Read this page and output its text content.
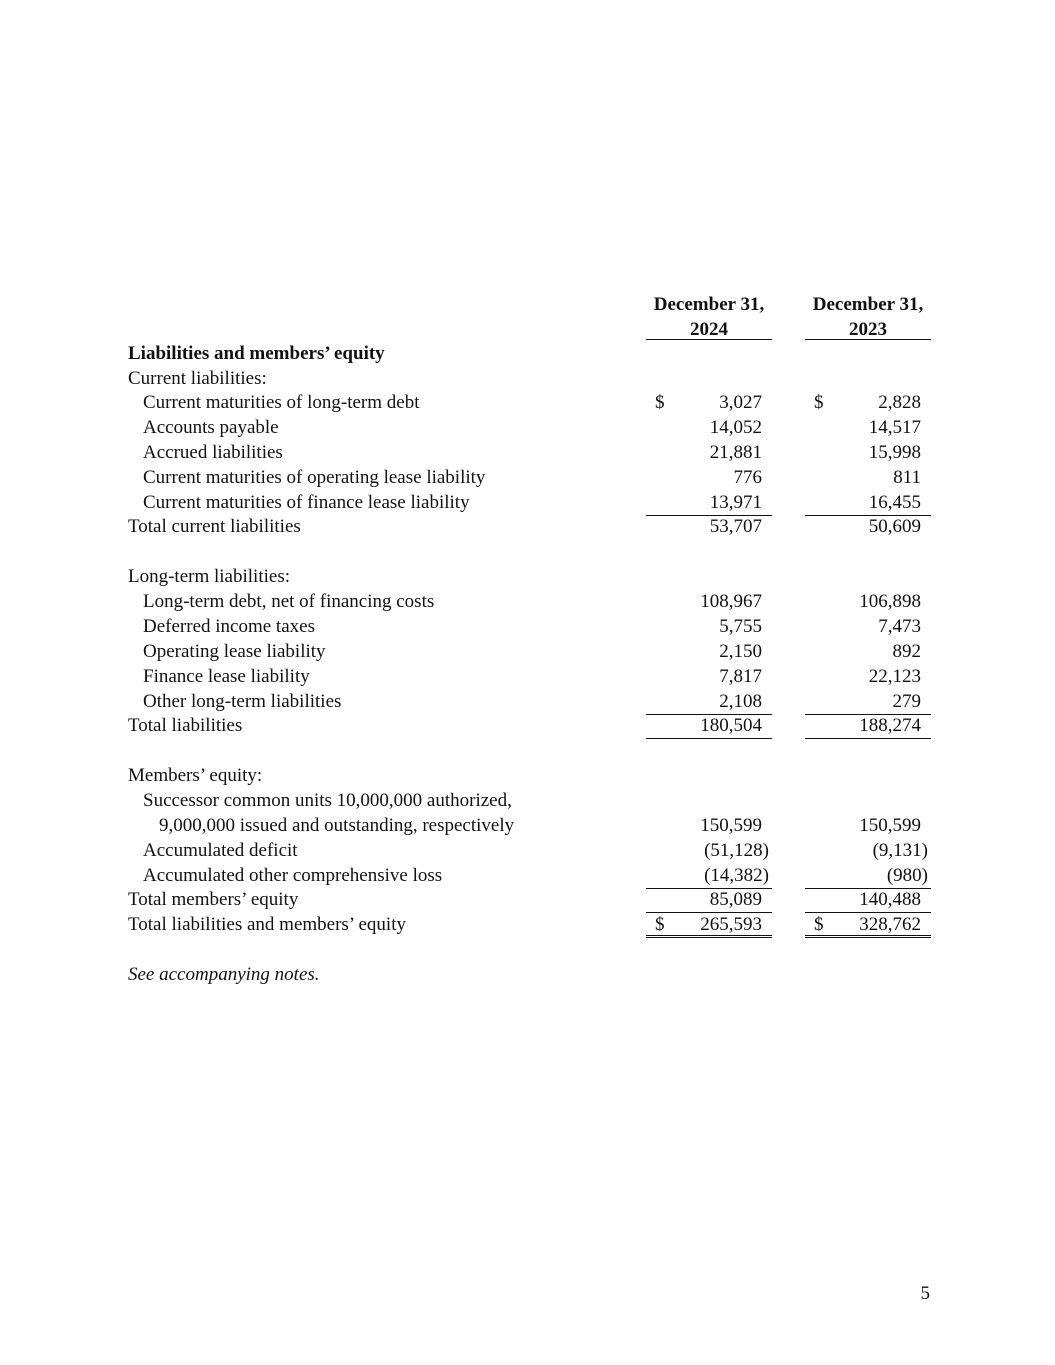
December 31,
2024
December 31,
2023
Liabilities and members’ equity
Current liabilities:
Current maturities of long-term debt	$	3,027	$	2,828
Accounts payable	14,052	14,517
Accrued liabilities	21,881	15,998
Current maturities of operating lease liability	776	811
Current maturities of finance lease liability	13,971	16,455
Total current liabilities	53,707	50,609
Long-term liabilities:
Long-term debt, net of financing costs	108,967	106,898
Deferred income taxes	5,755	7,473
Operating lease liability	2,150	892
Finance lease liability	7,817	22,123
Other long-term liabilities	2,108	279
Total liabilities	180,504	188,274
Members’ equity:
Successor common units 10,000,000 authorized,
9,000,000 issued and outstanding, respectively	150,599	150,599
Accumulated deficit	(51,128)	(9,131)
Accumulated other comprehensive loss	(14,382)	(980)
Total members’ equity	85,089	140,488
Total liabilities and members’ equity	$ 265,593	$ 328,762
See accompanying notes.
5
